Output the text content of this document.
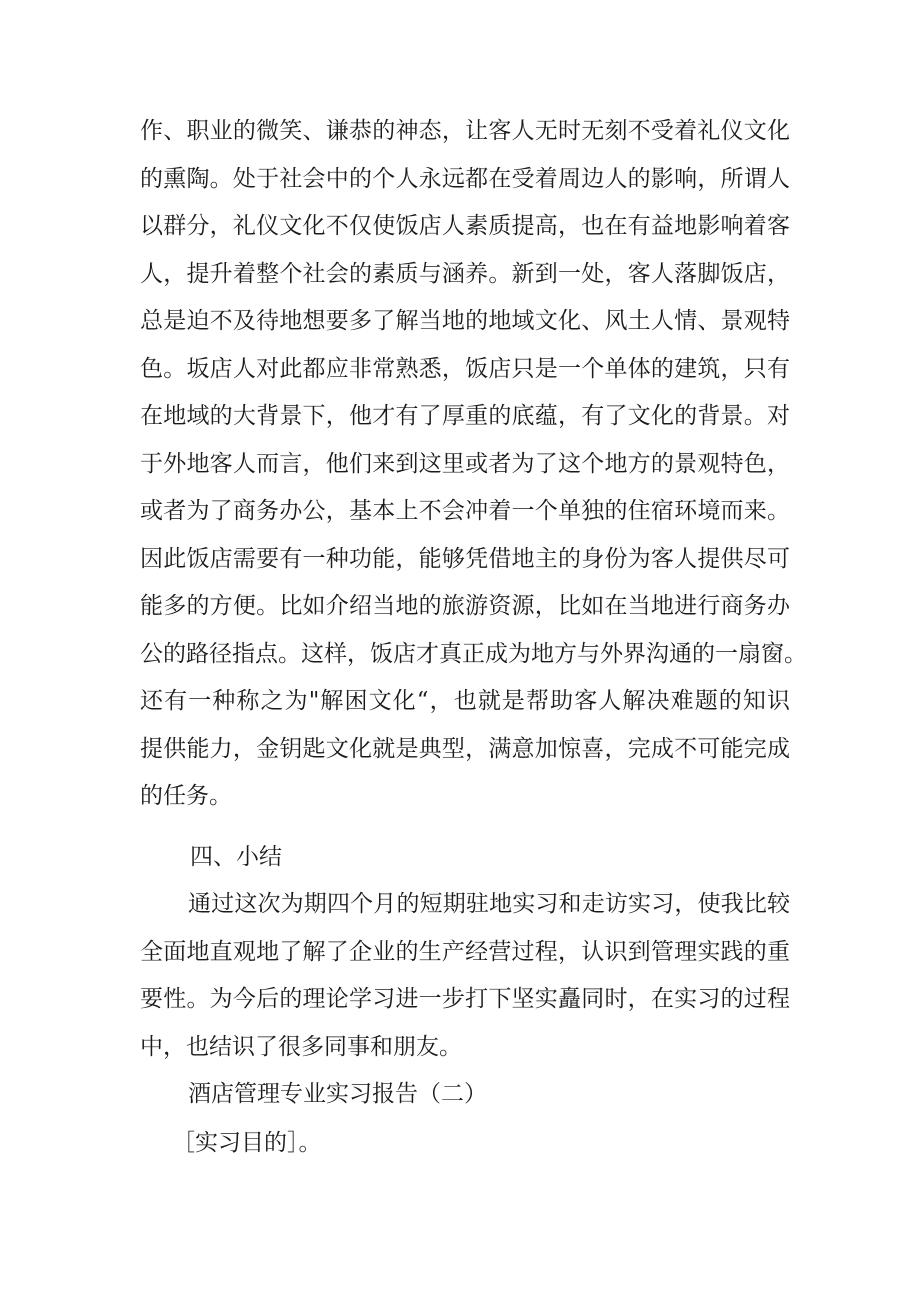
作、职业的微笑、谦恭的神态，让客人无时无刻不受着礼仪文化
的熏陶。处于社会中的个人永远都在受着周边人的影响，所谓人
以群分，礼仪文化不仅使饭店人素质提高，也在有益地影响着客
人，提升着整个社会的素质与涵养。新到一处，客人落脚饭店，
总是迫不及待地想要多了解当地的地域文化、风土人情、景观特
色。坂店人对此都应非常熟悉，饭店只是一个单体的建筑，只有
在地域的大背景下，他才有了厚重的底蕴，有了文化的背景。对
于外地客人而言，他们来到这里或者为了这个地方的景观特色，
或者为了商务办公，基本上不会冲着一个单独的住宿环境而来。
因此饭店需要有一种功能，能够凭借地主的身份为客人提供尽可
能多的方便。比如介绍当地的旅游资源，比如在当地进行商务办
公的路径指点。这样，饭店才真正成为地方与外界沟通的一扇窗。
还有一种称之为"解困文化“，也就是帮助客人解决难题的知识
提供能力，金钥匙文化就是典型，满意加惊喜，完成不可能完成
的任务。
四、小结
通过这次为期四个月的短期驻地实习和走访实习，使我比较
全面地直观地了解了企业的生产经营过程，认识到管理实践的重
要性。为今后的理论学习进一步打下坚实矗同时，在实习的过程
中，也结识了很多同事和朋友。
酒店管理专业实习报告（二）
［实习目的］。
